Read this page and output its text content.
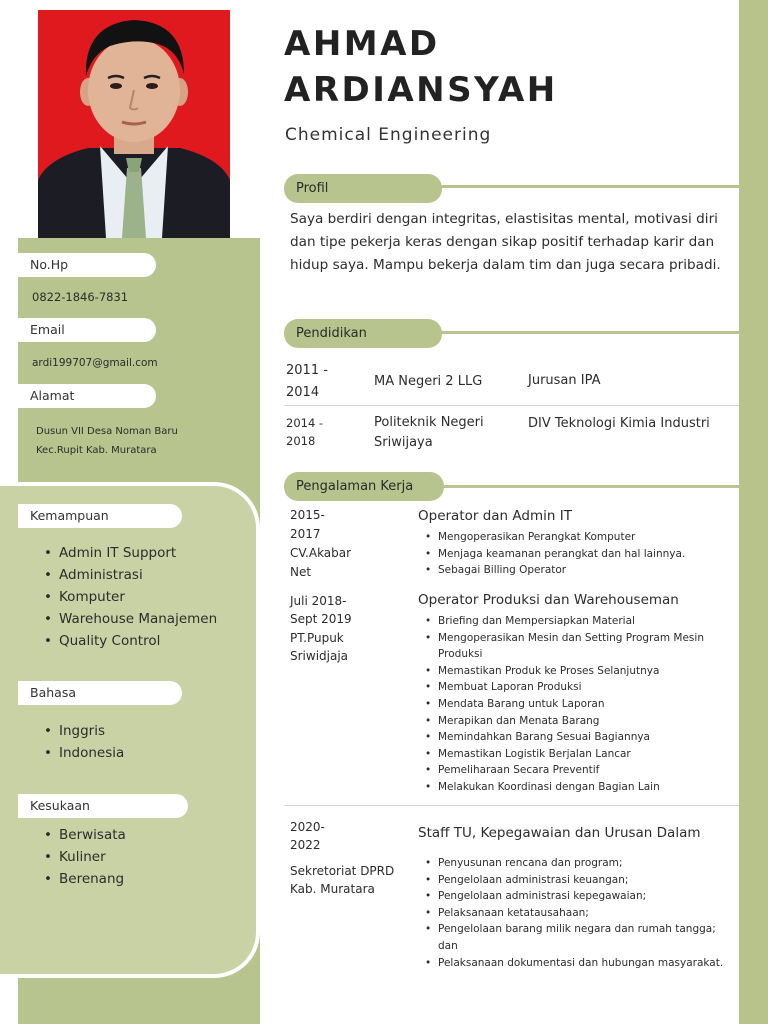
No.Hp
0822-1846-7831
Email
ardi199707@gmail.com
Alamat
Dusun VII Desa Noman Baru
Kec.Rupit Kab. Muratara
Kemampuan
• Admin IT Support
• Administrasi
• Komputer
• Warehouse Manajemen
• Quality Control
Bahasa
• Inggris
• Indonesia
Kesukaan
• Berwisata
• Kuliner
• Berenang
AHMAD
ARDIANSYAH
Chemical Engineering
Profil
Saya berdiri dengan integritas, elastisitas mental, motivasi diri dan tipe pekerja keras dengan sikap positif terhadap karir dan hidup saya. Mampu bekerja dalam tim dan juga secara pribadi.
Pendidikan
2011 -
2014
MA Negeri 2 LLG	Jurusan IPA
2014 -
2018
Politeknik Negeri
Sriwijaya
DIV Teknologi Kimia Industri
Pengalaman Kerja
2015-
2017
CV.Akabar
Net
Operator dan Admin IT
• Mengoperasikan Perangkat Komputer
• Menjaga keamanan perangkat dan hal lainnya.
• Sebagai Billing Operator
Juli 2018-
Sept 2019
PT.Pupuk
Sriwidjaja
Operator Produksi dan Warehouseman
• Briefing dan Mempersiapkan Material
• Mengoperasikan Mesin dan Setting Program Mesin Produksi
• Memastikan Produk ke Proses Selanjutnya
• Membuat Laporan Produksi
• Mendata Barang untuk Laporan
• Merapikan dan Menata Barang
• Memindahkan Barang Sesuai Bagiannya
• Memastikan Logistik Berjalan Lancar
• Pemeliharaan Secara Preventif
• Melakukan Koordinasi dengan Bagian Lain
2020-
2022
Sekretoriat DPRD
Kab. Muratara
Staff TU, Kepegawaian dan Urusan Dalam
• Penyusunan rencana dan program;
• Pengelolaan administrasi keuangan;
• Pengelolaan administrasi kepegawaian;
• Pelaksanaan ketatausahaan;
• Pengelolaan barang milik negara dan rumah tangga; dan
• Pelaksanaan dokumentasi dan hubungan masyarakat.
